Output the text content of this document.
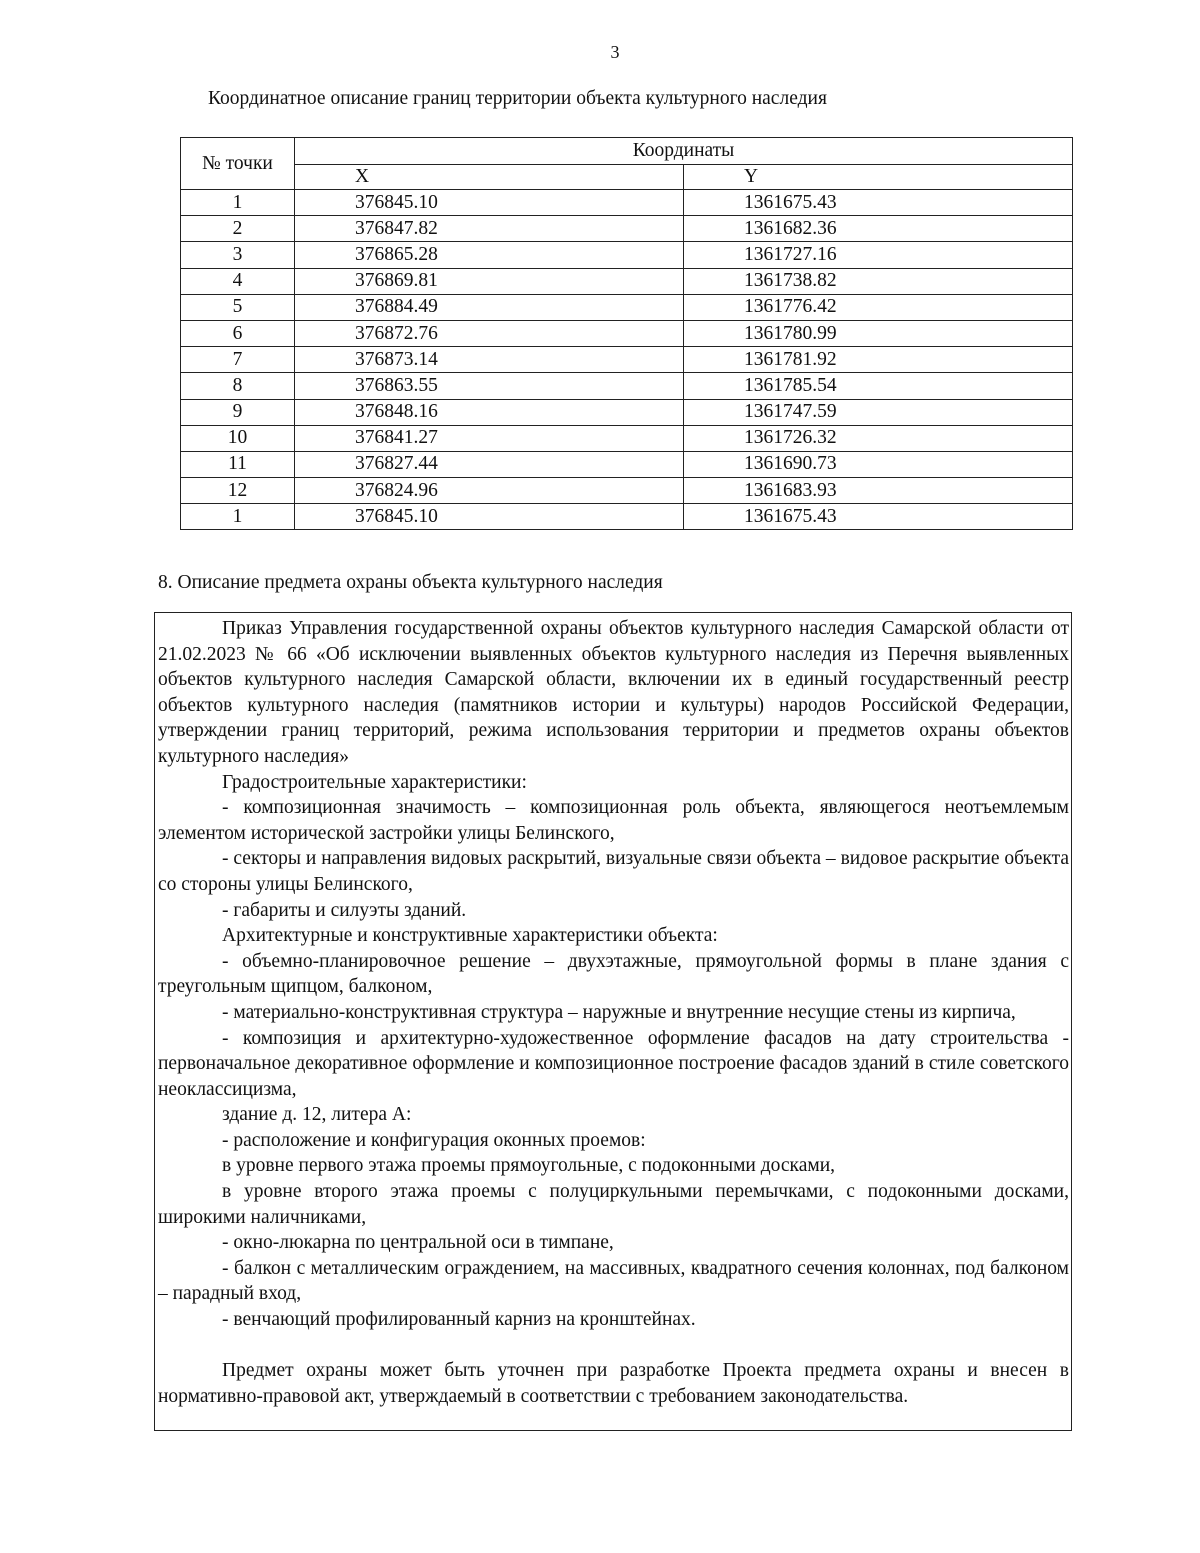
3
Координатное описание границ территории объекта культурного наследия
№ точки	Координаты	
	X	Y
1	376845.10	1361675.43
2	376847.82	1361682.36
3	376865.28	1361727.16
4	376869.81	1361738.82
5	376884.49	1361776.42
6	376872.76	1361780.99
7	376873.14	1361781.92
8	376863.55	1361785.54
9	376848.16	1361747.59
10	376841.27	1361726.32
11	376827.44	1361690.73
12	376824.96	1361683.93
1	376845.10	1361675.43
8. Описание предмета охраны объекта культурного наследия

Приказ Управления государственной охраны объектов культурного наследия Самарской области от 21.02.2023 № 66 «Об исключении выявленных объектов культурного наследия из Перечня выявленных объектов культурного наследия Самарской области, включении их в единый государственный реестр объектов культурного наследия (памятников истории и культуры) народов Российской Федерации, утверждении границ территорий, режима использования территории и предметов охраны объектов культурного наследия»

Градостроительные характеристики:

- композиционная значимость – композиционная роль объекта, являющегося неотъемлемым элементом исторической застройки улицы Белинского,

- секторы и направления видовых раскрытий, визуальные связи объекта – видовое раскрытие объекта со стороны улицы Белинского,

- габариты и силуэты зданий.

Архитектурные и конструктивные характеристики объекта:

- объемно-планировочное решение – двухэтажные, прямоугольной формы в плане здания с треугольным щипцом, балконом,

- материально-конструктивная структура – наружные и внутренние несущие стены из кирпича,

- композиция и архитектурно-художественное оформление фасадов на дату строительства - первоначальное декоративное оформление и композиционное построение фасадов зданий в стиле советского неоклассицизма,

здание д. 12, литера А:

- расположение и конфигурация оконных проемов:

в уровне первого этажа проемы прямоугольные, с подоконными досками,

в уровне второго этажа проемы с полуциркульными перемычками, с подоконными досками, широкими наличниками,

- окно-люкарна по центральной оси в тимпане,

- балкон с металлическим ограждением, на массивных, квадратного сечения колоннах, под балконом – парадный вход,

- венчающий профилированный карниз на кронштейнах.

Предмет охраны может быть уточнен при разработке Проекта предмета охраны и внесен в нормативно-правовой акт, утверждаемый в соответствии с требованием законодательства.
